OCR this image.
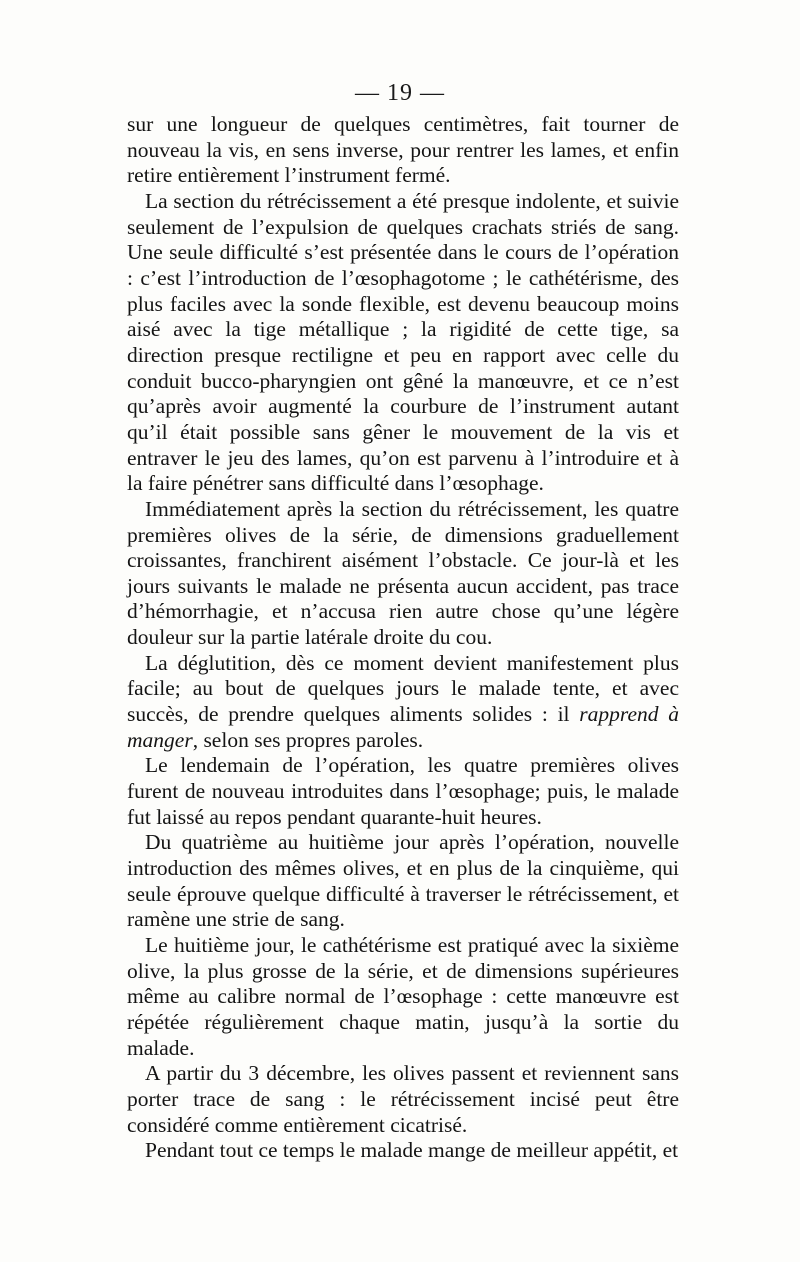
— 19 —

sur une longueur de quelques centimètres, fait tourner de nouveau la vis, en sens inverse, pour rentrer les lames, et enfin retire entièrement l’instrument fermé.

La section du rétrécissement a été presque indolente, et suivie seulement de l’expulsion de quelques crachats striés de sang. Une seule difficulté s’est présentée dans le cours de l’opération : c’est l’introduction de l’œsophagotome ; le cathétérisme, des plus faciles avec la sonde flexible, est devenu beaucoup moins aisé avec la tige métallique ; la rigidité de cette tige, sa direction presque rectiligne et peu en rapport avec celle du conduit bucco-pharyngien ont gêné la manœuvre, et ce n’est qu’après avoir augmenté la courbure de l’instrument autant qu’il était possible sans gêner le mouvement de la vis et entraver le jeu des lames, qu’on est parvenu à l’introduire et à la faire pénétrer sans difficulté dans l’œsophage.

Immédiatement après la section du rétrécissement, les quatre premières olives de la série, de dimensions graduellement croissantes, franchirent aisément l’obstacle. Ce jour-là et les jours suivants le malade ne présenta aucun accident, pas trace d’hémorrhagie, et n’accusa rien autre chose qu’une légère douleur sur la partie latérale droite du cou.

La déglutition, dès ce moment devient manifestement plus facile; au bout de quelques jours le malade tente, et avec succès, de prendre quelques aliments solides : il rapprend à manger, selon ses propres paroles.

Le lendemain de l’opération, les quatre premières olives furent de nouveau introduites dans l’œsophage; puis, le malade fut laissé au repos pendant quarante-huit heures.

Du quatrième au huitième jour après l’opération, nouvelle introduction des mêmes olives, et en plus de la cinquième, qui seule éprouve quelque difficulté à traverser le rétrécissement, et ramène une strie de sang.

Le huitième jour, le cathétérisme est pratiqué avec la sixième olive, la plus grosse de la série, et de dimensions supérieures même au calibre normal de l’œsophage : cette manœuvre est répétée régulièrement chaque matin, jusqu’à la sortie du malade.

A partir du 3 décembre, les olives passent et reviennent sans porter trace de sang : le rétrécissement incisé peut être considéré comme entièrement cicatrisé.

Pendant tout ce temps le malade mange de meilleur appétit, et
